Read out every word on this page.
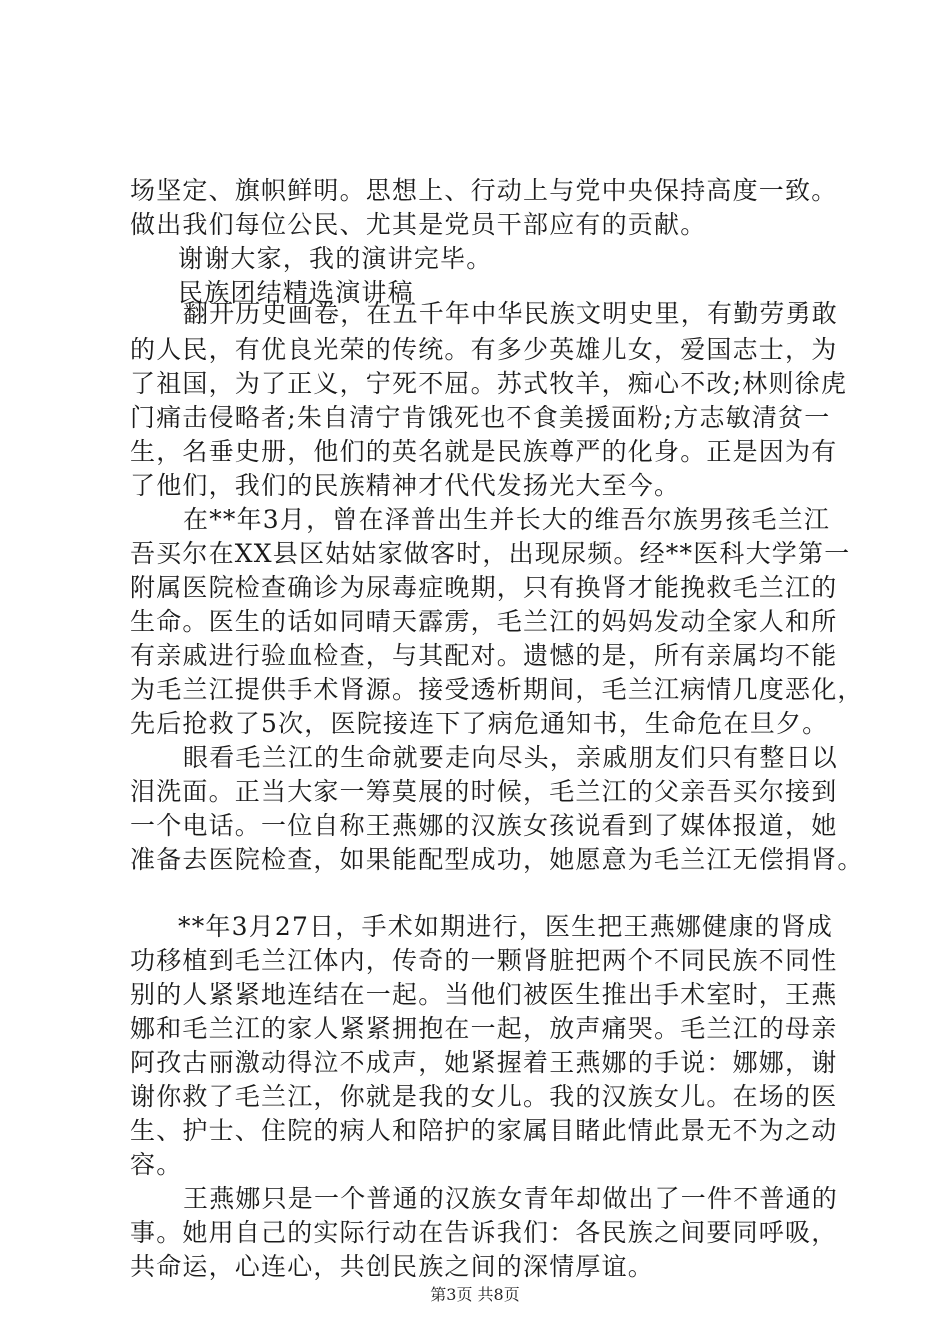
场坚定、旗帜鲜明。思想上、行动上与党中央保持高度一致。
做出我们每位公民、尤其是党员干部应有的贡献。
谢谢大家，我的演讲完毕。
民族团结精选演讲稿
翻开历史画卷，在五千年中华民族文明史里，有勤劳勇敢
的人民，有优良光荣的传统。有多少英雄儿女，爱国志士，为
了祖国，为了正义，宁死不屈。苏式牧羊，痴心不改;林则徐虎
门痛击侵略者;朱自清宁肯饿死也不食美援面粉;方志敏清贫一
生，名垂史册，他们的英名就是民族尊严的化身。正是因为有
了他们，我们的民族精神才代代发扬光大至今。
在**年3月，曾在泽普出生并长大的维吾尔族男孩毛兰江
吾买尔在XX县区姑姑家做客时，出现尿频。经**医科大学第一
附属医院检查确诊为尿毒症晚期，只有换肾才能挽救毛兰江的
生命。医生的话如同晴天霹雳，毛兰江的妈妈发动全家人和所
有亲戚进行验血检查，与其配对。遗憾的是，所有亲属均不能
为毛兰江提供手术肾源。接受透析期间，毛兰江病情几度恶化，
先后抢救了5次，医院接连下了病危通知书，生命危在旦夕。
眼看毛兰江的生命就要走向尽头，亲戚朋友们只有整日以
泪洗面。正当大家一筹莫展的时候，毛兰江的父亲吾买尔接到
一个电话。一位自称王燕娜的汉族女孩说看到了媒体报道，她
准备去医院检查，如果能配型成功，她愿意为毛兰江无偿捐肾。
**年3月27日，手术如期进行，医生把王燕娜健康的肾成
功移植到毛兰江体内，传奇的一颗肾脏把两个不同民族不同性
别的人紧紧地连结在一起。当他们被医生推出手术室时，王燕
娜和毛兰江的家人紧紧拥抱在一起，放声痛哭。毛兰江的母亲
阿孜古丽激动得泣不成声，她紧握着王燕娜的手说：娜娜，谢
谢你救了毛兰江，你就是我的女儿。我的汉族女儿。在场的医
生、护士、住院的病人和陪护的家属目睹此情此景无不为之动
容。
王燕娜只是一个普通的汉族女青年却做出了一件不普通的
事。她用自己的实际行动在告诉我们：各民族之间要同呼吸，
共命运，心连心，共创民族之间的深情厚谊。
第3页 共8页
